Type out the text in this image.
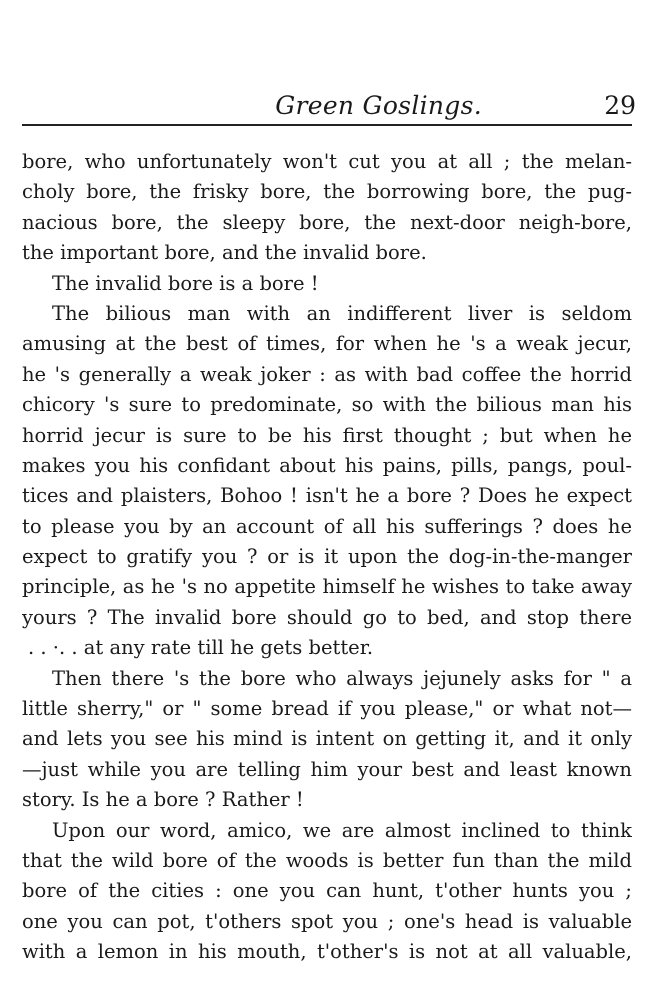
Green Goslings.	29
bore, who unfortunately won't cut you at all ; the melan-
choly bore, the frisky bore, the borrowing bore, the pug-
nacious bore, the sleepy bore, the next-door neigh-bore,
the important bore, and the invalid bore.
The invalid bore is a bore !
The bilious man with an indifferent liver is seldom
amusing at the best of times, for when he 's a weak jecur,
he 's generally a weak joker : as with bad coffee the horrid
chicory 's sure to predominate, so with the bilious man his
horrid jecur is sure to be his first thought ; but when he
makes you his confidant about his pains, pills, pangs, poul-
tices and plaisters, Bohoo ! isn't he a bore ? Does he expect
to please you by an account of all his sufferings ? does he
expect to gratify you ? or is it upon the dog-in-the-manger
principle, as he 's no appetite himself he wishes to take away
yours ? The invalid bore should go to bed, and stop there
. . ·. . at any rate till he gets better.
Then there 's the bore who always jejunely asks for " a
little sherry," or " some bread if you please," or what not—
and lets you see his mind is intent on getting it, and it only
—just while you are telling him your best and least known
story. Is he a bore ? Rather !
Upon our word, amico, we are almost inclined to think
that the wild bore of the woods is better fun than the mild
bore of the cities : one you can hunt, t'other hunts you ;
one you can pot, t'others spot you ; one's head is valuable
with a lemon in his mouth, t'other's is not at all valuable,
